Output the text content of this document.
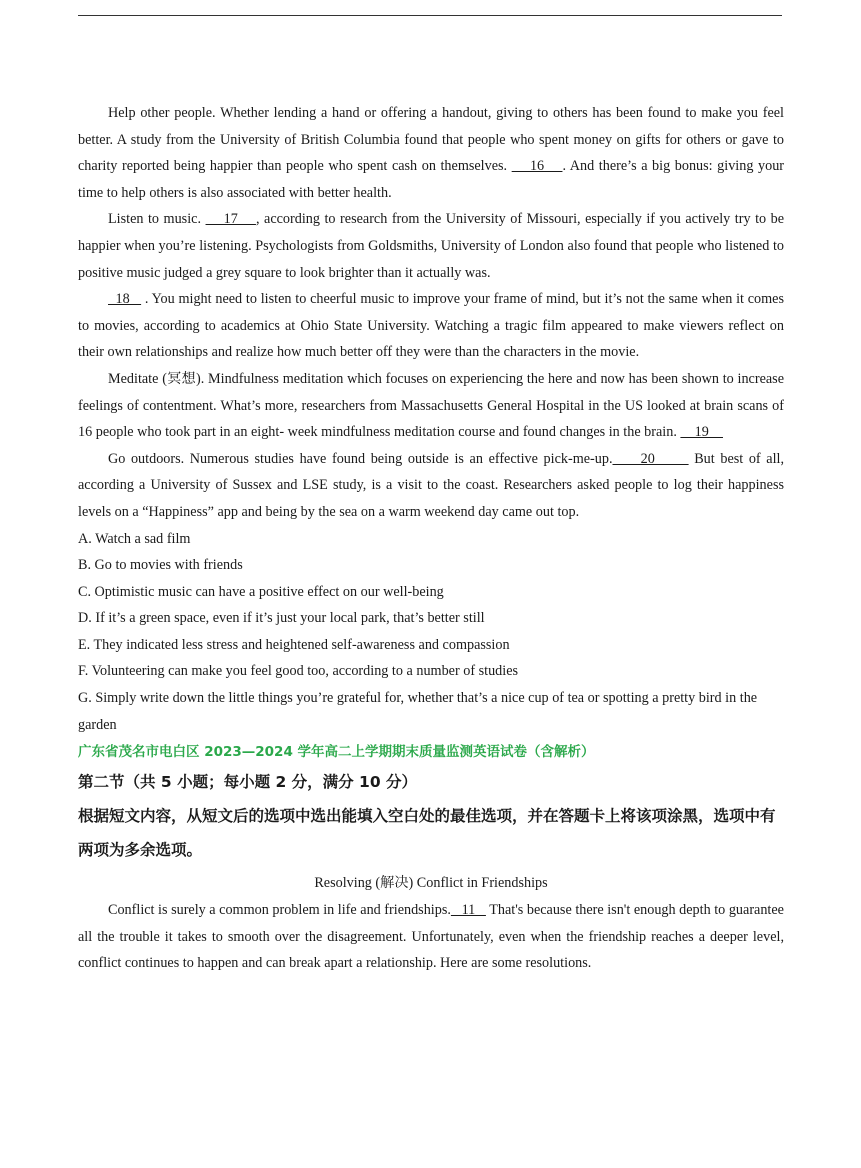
Help other people. Whether lending a hand or offering a handout, giving to others has been found to make you feel better. A study from the University of British Columbia found that people who spent money on gifts for others or gave to charity reported being happier than people who spent cash on themselves.     16    . And there’s a big bonus: giving your time to help others is also associated with better health.

Listen to music.     17    , according to research from the University of Missouri, especially if you actively try to be happier when you’re listening. Psychologists from Goldsmiths, University of London also found that people who listened to positive music judged a grey square to look brighter than it actually was.

18    . You might need to listen to cheerful music to improve your frame of mind, but it’s not the same when it comes to movies, according to academics at Ohio State University. Watching a tragic film appeared to make viewers reflect on their own relationships and realize how much better off they were than the characters in the movie.

Meditate (冥想). Mindfulness meditation which focuses on experiencing the here and now has been shown to increase feelings of contentment. What’s more, researchers from Massachusetts General Hospital in the US looked at brain scans of 16 people who took part in an eight- week mindfulness meditation course and found changes in the brain.     19

Go outdoors. Numerous studies have found being outside is an effective pick-me-up.     20       But best of all, according a University of Sussex and LSE study, is a visit to the coast. Researchers asked people to log their happiness levels on a “Happiness” app and being by the sea on a warm weekend day came out top.

A. Watch a sad film

B. Go to movies with friends

C. Optimistic music can have a positive effect on our well-being

D. If it’s a green space, even if it’s just your local park, that’s better still

E. They indicated less stress and heightened self-awareness and compassion

F. Volunteering can make you feel good too, according to a number of studies

G. Simply write down the little things you’re grateful for, whether that’s a nice cup of tea or spotting a pretty bird in the garden

广东省茂名市电白区 2023—2024 学年高二上学期期末质量监测英语试卷（含解析）

第二节（共 5 小题；每小题 2 分，满分 10 分）

根据短文内容，从短文后的选项中选出能填入空白处的最佳选项，并在答题卡上将该项涂黑，选项中有两项为多余选项。

Resolving (解决) Conflict in Friendships

Conflict is surely a common problem in life and friendships.   11    That's because there isn't enough depth to guarantee all the trouble it takes to smooth over the disagreement. Unfortunately, even when the friendship reaches a deeper level, conflict continues to happen and can break apart a relationship. Here are some resolutions.
